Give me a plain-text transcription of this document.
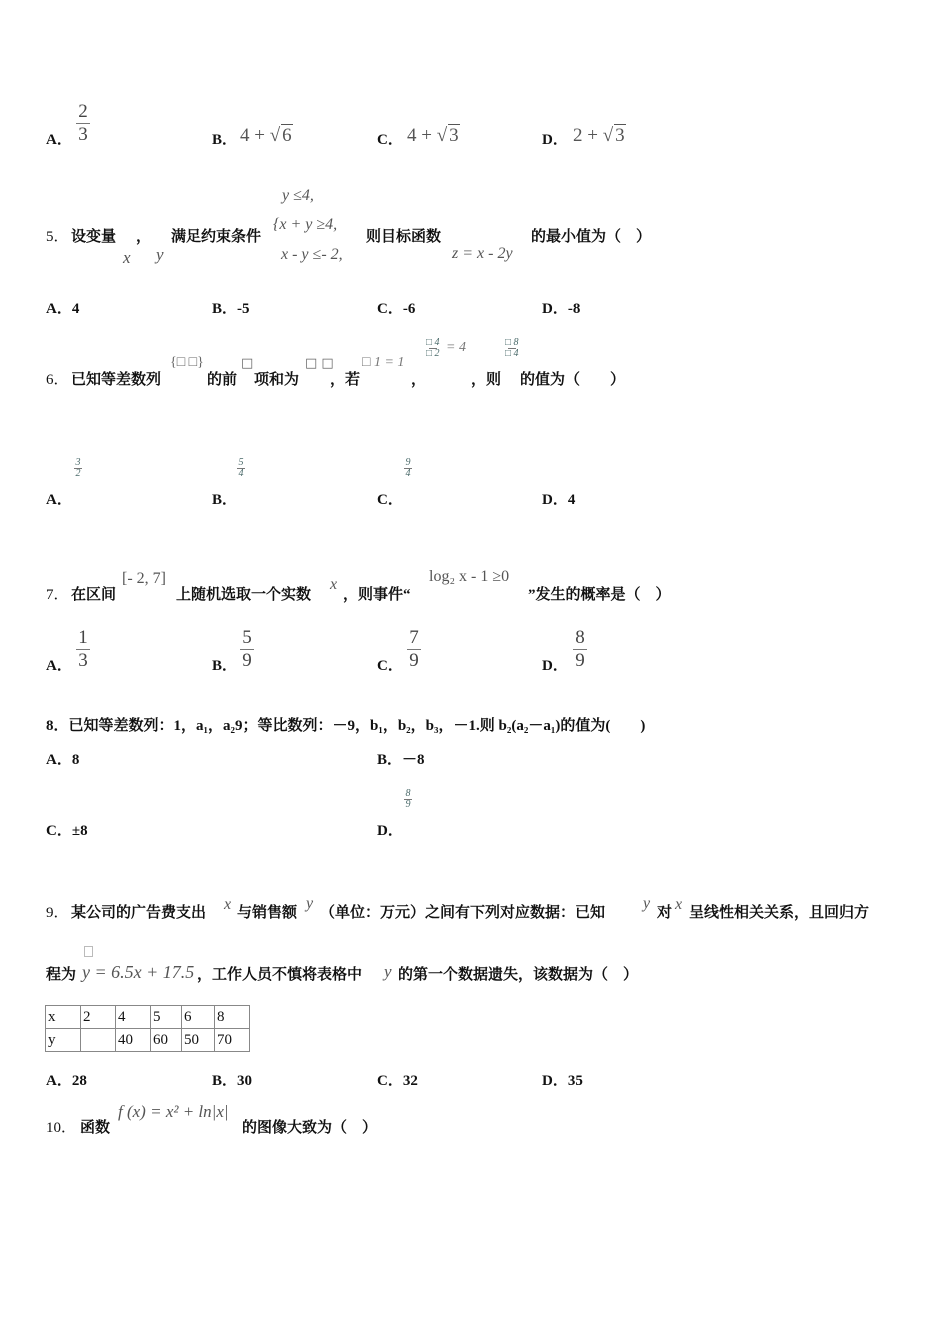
A．
2
3	B． 4 + √ 6	C． 4 + √ 3	D． 2 + √ 3
5． 设变量 ， 满足约束条件
x y
y ≤4,
{x + y ≥4,
x - y ≤- 2,
则目标函数
z = x - 2y
的最小值为（　）
A．4	B．-5	C．-6	D．-8
6． 已知等差数列
{□ □}
的前
□
项和为
□ □
，若
□ 1 = 1
，
□ 4
□ 2 = 4
，则
□ 8
□ 4
的值为（　　）
A．
3
2
B．
5
4
C．
9
4
D．4
7． 在区间
[- 2, 7]
上随机选取一个实数
x
，则事件“
log₂ x - 1 ≥0
”发生的概率是（　）
A．
1
3	B．
5
9	C．
7
9	D．
8
9
8．已知等差数列：1，a₁，a₂9；等比数列：－9，b₁，b₂，b₃，－1.则 b₂(a₂－a₁)的值为(　　)
A．8	B．－8
C．±8	D．
8
9
9． 某公司的广告费支出 x 与销售额
y
（单位：万元）之间有下列对应数据：已知
y
对 x 呈线性相关关系，且回归方
程为 y = 6.5x + 17.5 ，工作人员不慎将表格中 y 的第一个数据遗失，该数据为（　）
x	2	4	5	6	8
y		40	60	50	70
A．28	B．30	C．32	D．35
10． 函数
f (x) = x² + ln|x|
的图像大致为（　）
